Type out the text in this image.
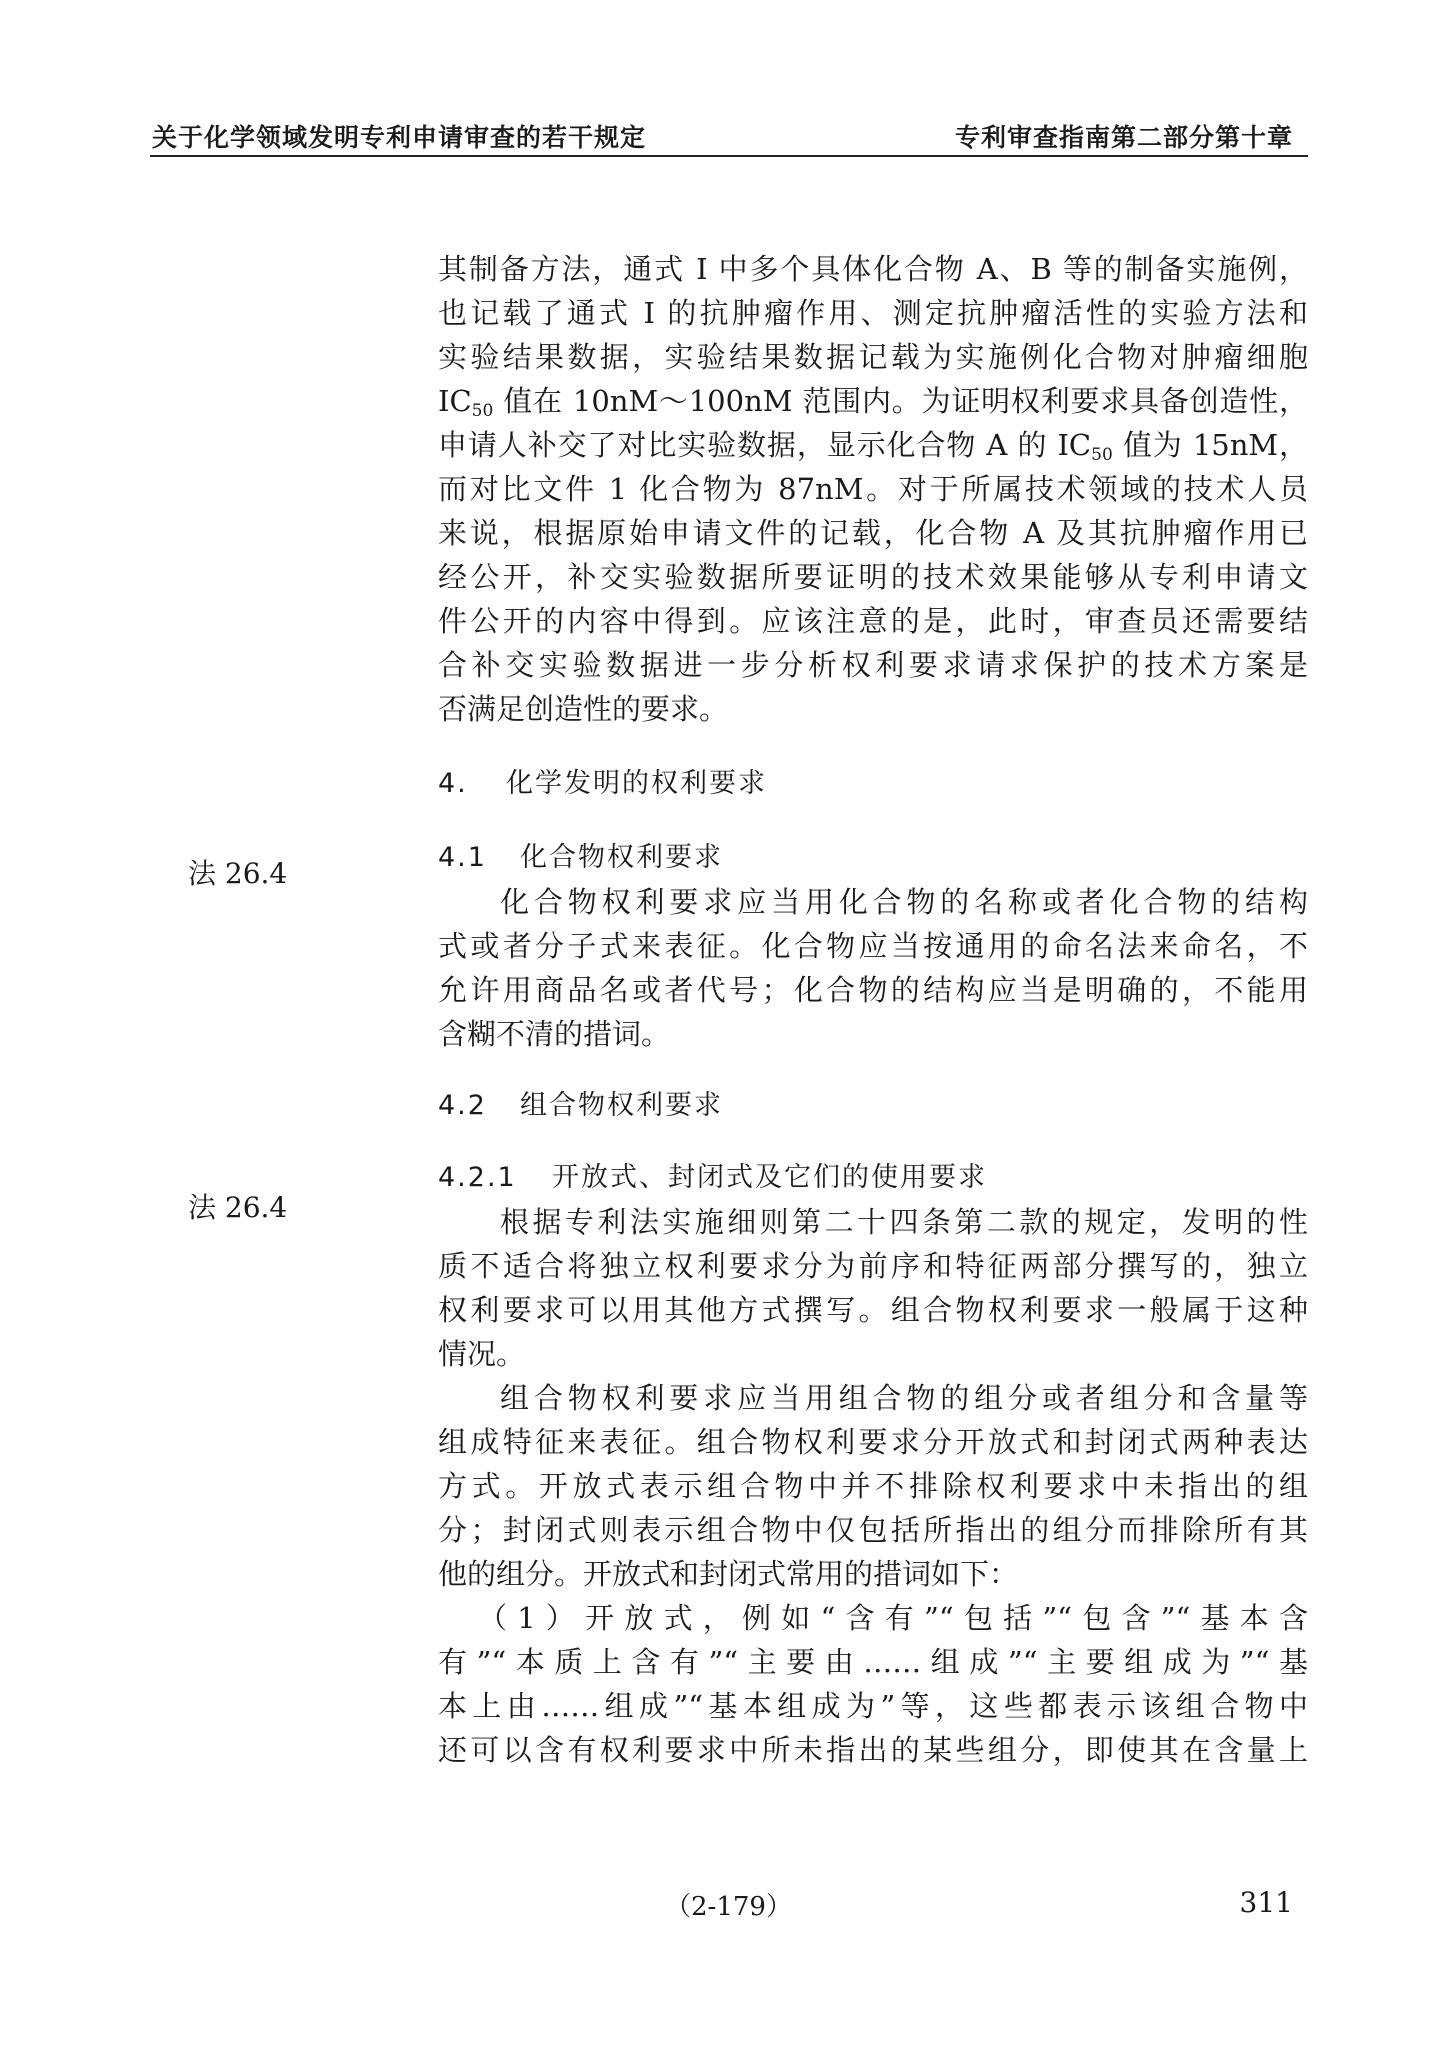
关于化学领域发明专利申请审查的若干规定	专利审查指南第二部分第十章
法 26.4
法 26.4

其制备方法，通式 I 中多个具体化合物 A、B 等的制备实施例，

也记载了通式 I 的抗肿瘤作用、测定抗肿瘤活性的实验方法和

实验结果数据，实验结果数据记载为实施例化合物对肿瘤细胞

$IC_{50}$ 值在 10nM～100nM 范围内。为证明权利要求具备创造性，

申请人补交了对比实验数据，显示化合物 A 的 $IC_{50}$ 值为 15nM，

而对比文件 1 化合物为 87nM。对于所属技术领域的技术人员

来说，根据原始申请文件的记载，化合物 A 及其抗肿瘤作用已

经公开，补交实验数据所要证明的技术效果能够从专利申请文

件公开的内容中得到。应该注意的是，此时，审查员还需要结

合补交实验数据进一步分析权利要求请求保护的技术方案是

否满足创造性的要求。

4. 化学发明的权利要求
4.1 化合物权利要求

化合物权利要求应当用化合物的名称或者化合物的结构

式或者分子式来表征。化合物应当按通用的命名法来命名，不

允许用商品名或者代号；化合物的结构应当是明确的，不能用

含糊不清的措词。

4.2 组合物权利要求
4.2.1 开放式、封闭式及它们的使用要求

根据专利法实施细则第二十四条第二款的规定，发明的性

质不适合将独立权利要求分为前序和特征两部分撰写的，独立

权利要求可以用其他方式撰写。组合物权利要求一般属于这种

情况。

组合物权利要求应当用组合物的组分或者组分和含量等

组成特征来表征。组合物权利要求分开放式和封闭式两种表达

方式。开放式表示组合物中并不排除权利要求中未指出的组

分；封闭式则表示组合物中仅包括所指出的组分而排除所有其

他的组分。开放式和封闭式常用的措词如下：

（1）开放式，例如“含有”“包括”“包含”“基本含

有”“本质上含有”“主要由……组成”“主要组成为”“基

本上由……组成”“基本组成为”等，这些都表示该组合物中

还可以含有权利要求中所未指出的某些组分，即使其在含量上

（2-179）	311
